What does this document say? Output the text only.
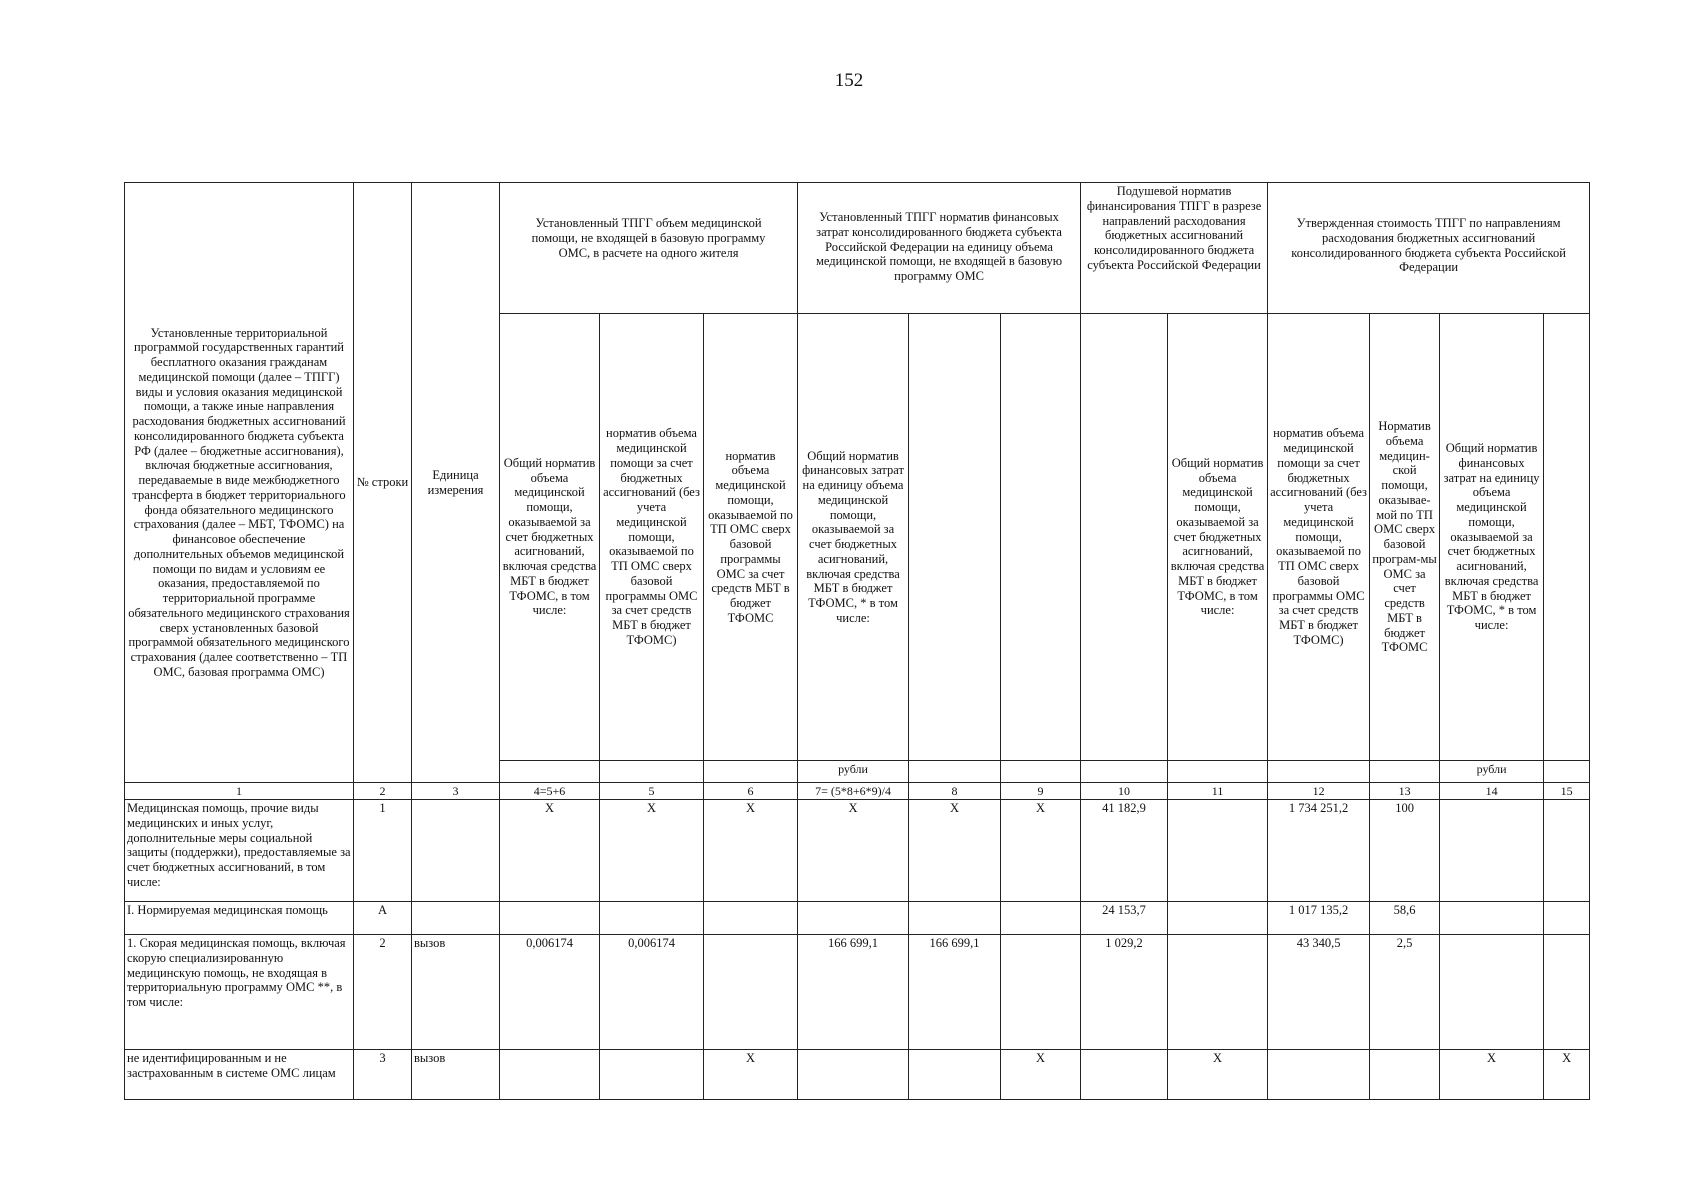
152
Установленные территориальной программой государственных гарантий бесплатного оказания гражданам медицинской помощи (далее – ТПГГ) виды и условия оказания медицинской помощи, а также иные направления расходования бюджетных ассигнований консолидированного бюджета субъекта РФ (далее – бюджетные ассигнования), включая бюджетные ассигнования, передаваемые в виде межбюджетного трансферта в бюджет территориального фонда обязательного медицинского страхования (далее – МБТ, ТФОМС) на финансовое обеспечение дополнительных объемов медицинской помощи по видам и условиям ее оказания, предоставляемой по территориальной программе обязательного медицинского страхования сверх установленных базовой программой обязательного медицинского страхования (далее соответственно – ТП ОМС, базовая программа ОМС)	№ строки	Единица измерения	Установленный ТПГГ объем медицинской помощи, не входящей в базовую программу ОМС, в расчете на одного жителя			Установленный ТПГГ норматив финансовых затрат консолидированного бюджета субъекта Российской Федерации на единицу объема медицинской помощи, не входящей в базовую программу ОМС			Подушевой норматив финансирования ТПГГ в разрезе направлений расходования бюджетных ассигнований консолидированного бюджета субъекта Российской Федерации		Утвержденная стоимость ТПГГ по направлениям расходования бюджетных ассигнований консолидированного бюджета субъекта Российской Федерации			

			Общий норматив объема медицинской помощи, оказываемой за счет бюджетных асигнований, включая средства МБТ в бюджет ТФОМС, в том числе:	норматив объема медицинской помощи за счет бюджетных ассигнований (без учета медицинской помощи, оказываемой по ТП ОМС сверх базовой программы ОМС за счет средств МБТ в бюджет ТФОМС)	норматив объема медицинской помощи, оказываемой по ТП ОМС сверх базовой программы ОМС за счет средств МБТ в бюджет ТФОМС	Общий норматив финансовых затрат на единицу объема медицинской помощи, оказываемой за счет бюджетных асигнований, включая средства МБТ в бюджет ТФОМС, * в том числе:				Общий норматив объема медицинской помощи, оказываемой за счет бюджетных асигнований, включая средства МБТ в бюджет ТФОМС, в том числе:	норматив объема медицинской помощи за счет бюджетных ассигнований (без учета медицинской помощи, оказываемой по ТП ОМС сверх базовой программы ОМС за счет средств МБТ в бюджет ТФОМС)	Норматив объема медицин-ской помощи, оказывае-мой по ТП ОМС сверх базовой програм-мы ОМС за счет средств МБТ в бюджет ТФОМС	Общий норматив финансовых затрат на единицу объема медицинской помощи, оказываемой за счет бюджетных асигнований, включая средства МБТ в бюджет ТФОМС, * в том числе:	
						рубли							рубли	
1	2	3	4=5+6	5	6	7= (5*8+6*9)/4	8	9	10	11	12	13	14	15
Медицинская помощь, прочие виды медицинских и иных услуг, дополнительные меры социальной защиты (поддержки), предоставляемые за счет бюджетных ассигнований, в том числе:	1		Х	Х	Х	Х	Х	Х	41 182,9		1 734 251,2	100		
I. Нормируемая медицинская помощь	А								24 153,7		1 017 135,2	58,6		
1. Скорая медицинская помощь, включая скорую специализированную медицинскую помощь, не входящая в территориальную программу ОМС **, в том числе:	2	вызов	0,006174	0,006174		166 699,1	166 699,1		1 029,2		43 340,5	2,5		
не идентифицированным и не застрахованным в системе ОМС лицам	3	вызов			Х			Х		Х			Х	Х
